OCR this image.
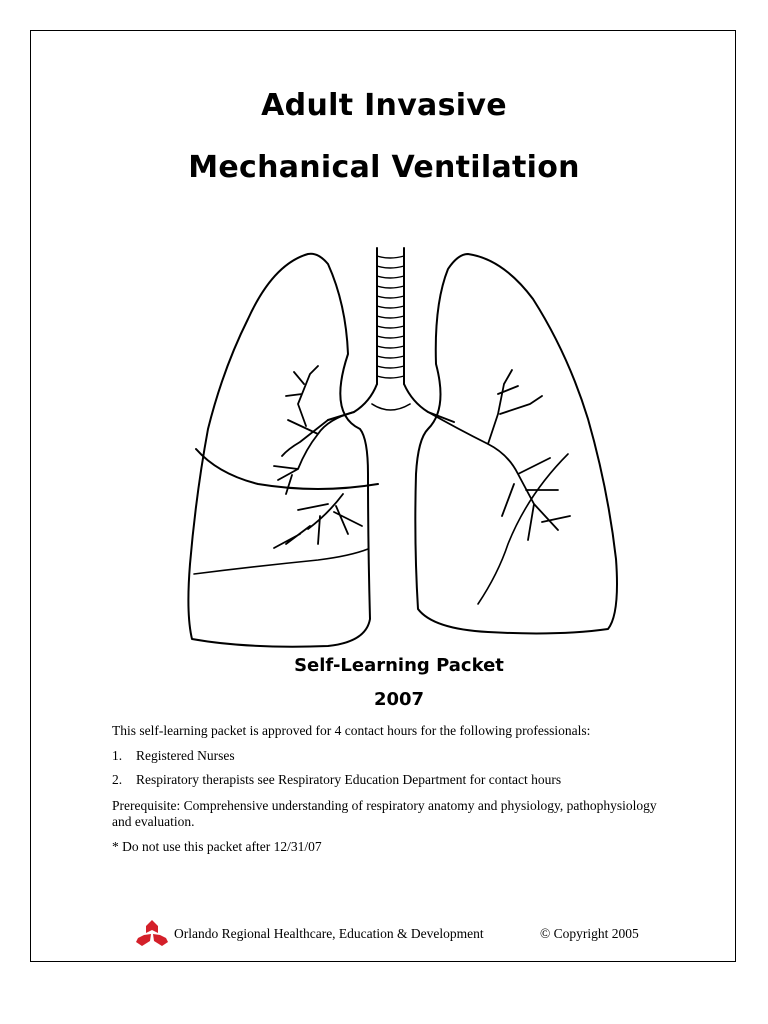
Adult Invasive
Mechanical Ventilation
Self-Learning Packet
2007
This self-learning packet is approved for 4 contact hours for the following professionals:
1. Registered Nurses
2. Respiratory therapists see Respiratory Education Department for contact hours
Prerequisite: Comprehensive understanding of respiratory anatomy and physiology, pathophysiology and evaluation.
* Do not use this packet after 12/31/07
Orlando Regional Healthcare, Education & Development	© Copyright 2005
